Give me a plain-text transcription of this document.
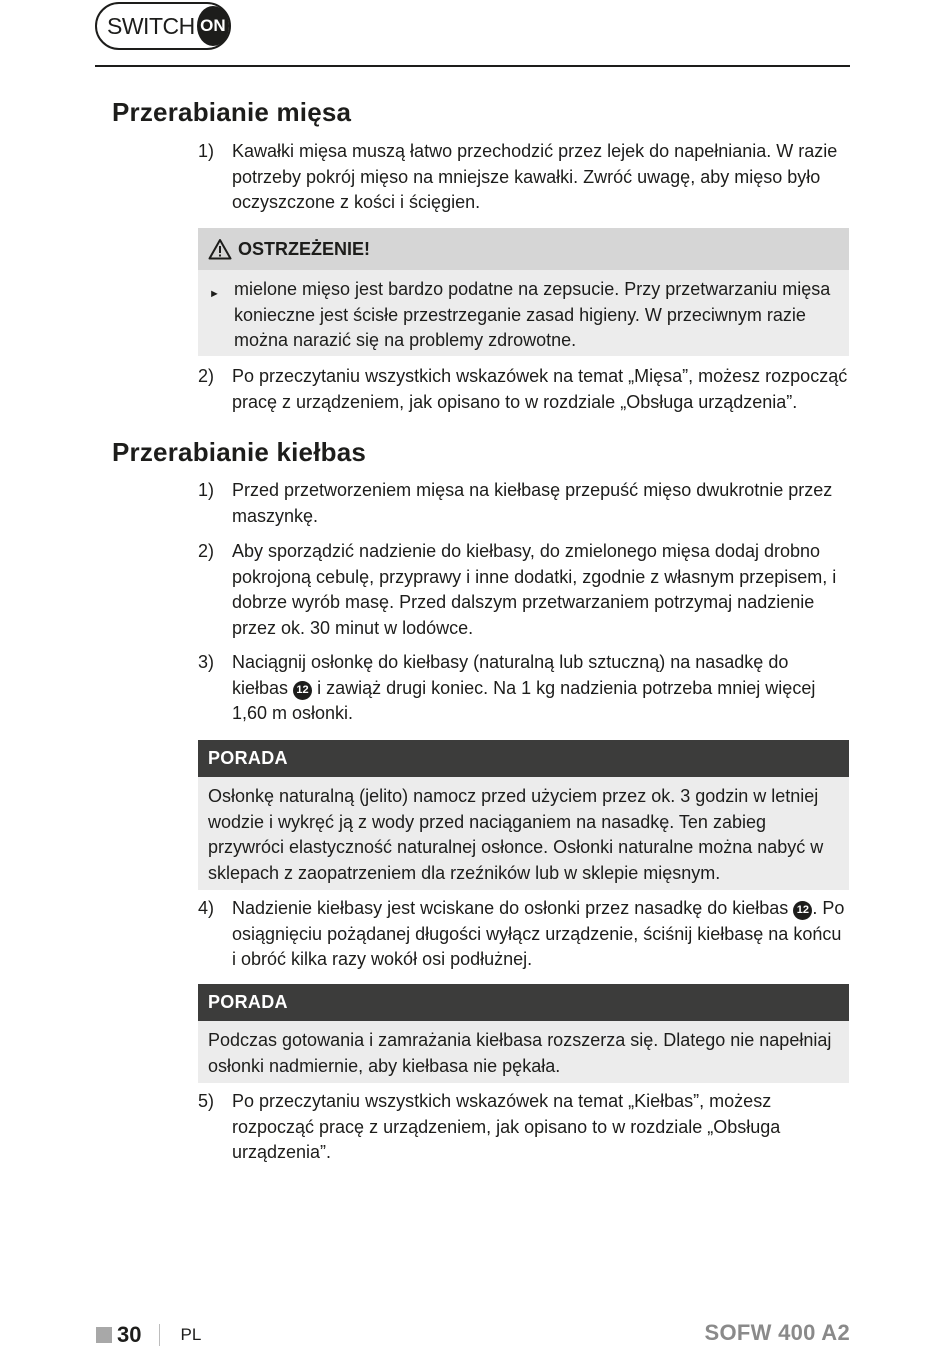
SWITCH ON
Przerabianie mięsa
1) Kawałki mięsa muszą łatwo przechodzić przez lejek do napełniania. W razie potrzeby pokrój mięso na mniejsze kawałki. Zwróć uwagę, aby mięso było oczyszczone z kości i ścięgien.
OSTRZEŻENIE!
► mielone mięso jest bardzo podatne na zepsucie. Przy przetwarzaniu mięsa konieczne jest ścisłe przestrzeganie zasad higieny. W przeciwnym razie można narazić się na problemy zdrowotne.
2) Po przeczytaniu wszystkich wskazówek na temat „Mięsa”, możesz rozpocząć pracę z urządzeniem, jak opisano to w rozdziale „Obsługa urządzenia”.
Przerabianie kiełbas
1) Przed przetworzeniem mięsa na kiełbasę przepuść mięso dwukrotnie przez maszynkę.
2) Aby sporządzić nadzienie do kiełbasy, do zmielonego mięsa dodaj drobno pokrojoną cebulę, przyprawy i inne dodatki, zgodnie z własnym przepisem, i dobrze wyrób masę. Przed dalszym przetwarzaniem potrzymaj nadzienie przez ok. 30 minut w lodówce.
3) Naciągnij osłonkę do kiełbasy (naturalną lub sztuczną) na nasadkę do kiełbas 12 i zawiąż drugi koniec. Na 1 kg nadzienia potrzeba mniej więcej 1,60 m osłonki.
PORADA
Osłonkę naturalną (jelito) namocz przed użyciem przez ok. 3 godzin w letniej wodzie i wykręć ją z wody przed naciąganiem na nasadkę. Ten zabieg przywróci elastyczność naturalnej osłonce. Osłonki naturalne można nabyć w sklepach z zaopatrzeniem dla rzeźników lub w sklepie mięsnym.
4) Nadzienie kiełbasy jest wciskane do osłonki przez nasadkę do kiełbas 12 . Po osiągnięciu pożądanej długości wyłącz urządzenie, ściśnij kiełbasę na końcu i obróć kilka razy wokół osi podłużnej.
PORADA
Podczas gotowania i zamrażania kiełbasa rozszerza się. Dlatego nie napełniaj osłonki nadmiernie, aby kiełbasa nie pękała.
5) Po przeczytaniu wszystkich wskazówek na temat „Kiełbas”, możesz rozpocząć pracę z urządzeniem, jak opisano to w rozdziale „Obsługa urządzenia”.
30 PL	SOFW 400 A2
